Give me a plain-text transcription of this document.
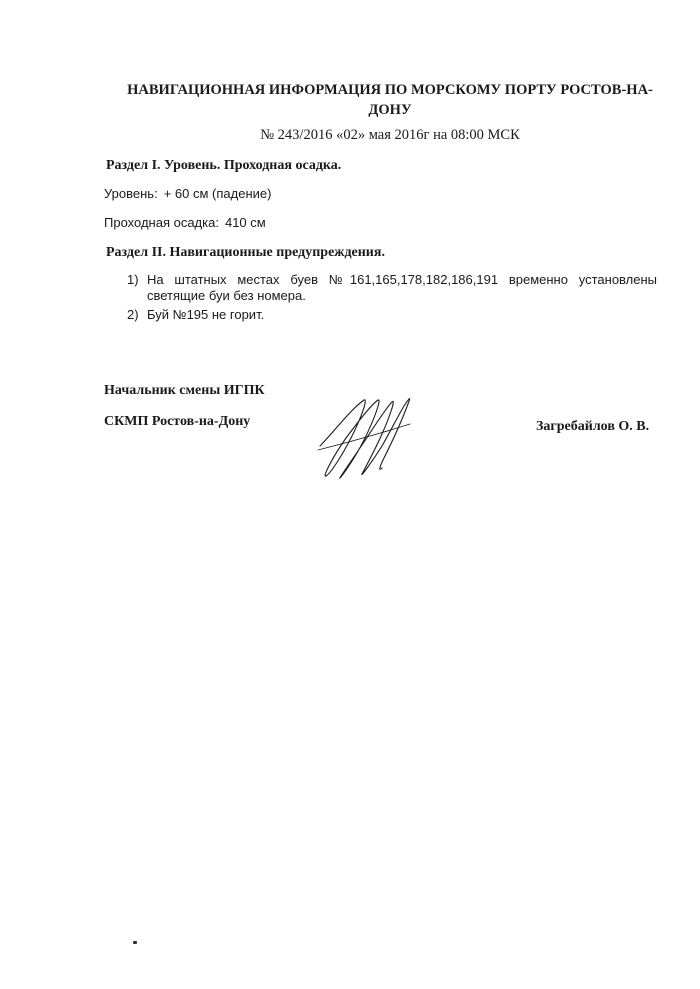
НАВИГАЦИОННАЯ ИНФОРМАЦИЯ ПО МОРСКОМУ ПОРТУ РОСТОВ-НА-ДОНУ
№ 243/2016 «02» мая 2016г на 08:00 МСК
Раздел I. Уровень. Проходная осадка.
Уровень: + 60 см (падение)
Проходная осадка: 410 см
Раздел II. Навигационные предупреждения.
1) На штатных местах буев №161,165,178,182,186,191 временно установлены светящие буи без номера.
2) Буй №195 не горит.
Начальник смены ИГПК
СКМП Ростов-на-Дону	Загребайлов О. В.
